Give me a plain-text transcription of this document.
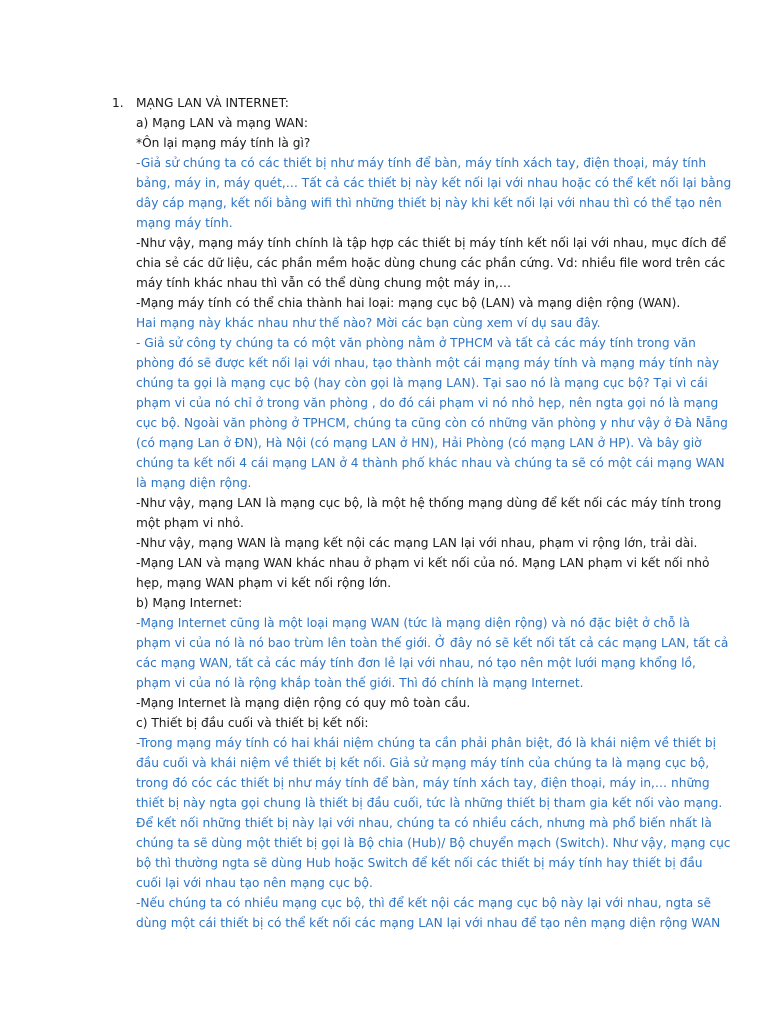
1. MẠNG LAN VÀ INTERNET:
a) Mạng LAN và mạng WAN:
*Ôn lại mạng máy tính là gì?
-Giả sử chúng ta có các thiết bị như máy tính để bàn, máy tính xách tay, điện thoại, máy tính
bảng, máy in, máy quét,… Tất cả các thiết bị này kết nối lại với nhau hoặc có thể kết nối lại bằng
dây cáp mạng, kết nối bằng wifi thì những thiết bị này khi kết nối lại với nhau thì có thể tạo nên
mạng máy tính.
-Như vậy, mạng máy tính chính là tập hợp các thiết bị máy tính kết nối lại với nhau, mục đích để
chia sẻ các dữ liệu, các phần mềm hoặc dùng chung các phần cứng. Vd: nhiều file word trên các
máy tính khác nhau thì vẫn có thể dùng chung một máy in,…
-Mạng máy tính có thể chia thành hai loại: mạng cục bộ (LAN) và mạng diện rộng (WAN).
Hai mạng này khác nhau như thế nào? Mời các bạn cùng xem ví dụ sau đây.
- Giả sử công ty chúng ta có một văn phòng nằm ở TPHCM và tất cả các máy tính trong văn
phòng đó sẽ được kết nối lại với nhau, tạo thành một cái mạng máy tính và mạng máy tính này
chúng ta gọi là mạng cục bộ (hay còn gọi là mạng LAN). Tại sao nó là mạng cục bộ? Tại vì cái
phạm vi của nó chỉ ở trong văn phòng , do đó cái phạm vi nó nhỏ hẹp, nên ngta gọi nó là mạng
cục bộ. Ngoài văn phòng ở TPHCM, chúng ta cũng còn có những văn phòng y như vậy ở Đà Nẵng
(có mạng Lan ở ĐN), Hà Nội (có mạng LAN ở HN), Hải Phòng (có mạng LAN ở HP). Và bây giờ
chúng ta kết nối 4 cái mạng LAN ở 4 thành phố khác nhau và chúng ta sẽ có một cái mạng WAN
là mạng diện rộng.
-Như vậy, mạng LAN là mạng cục bộ, là một hệ thống mạng dùng để kết nối các máy tính trong
một phạm vi nhỏ.
-Như vậy, mạng WAN là mạng kết nội các mạng LAN lại với nhau, phạm vi rộng lớn, trải dài.
-Mạng LAN và mạng WAN khác nhau ở phạm vi kết nối của nó. Mạng LAN phạm vi kết nối nhỏ
hẹp, mạng WAN phạm vi kết nối rộng lớn.
b) Mạng Internet:
-Mạng Internet cũng là một loại mạng WAN (tức là mạng diện rộng) và nó đặc biệt ở chỗ là
phạm vi của nó là nó bao trùm lên toàn thế giới. Ở đây nó sẽ kết nối tất cả các mạng LAN, tất cả
các mạng WAN, tất cả các máy tính đơn lẻ lại với nhau, nó tạo nên một lưới mạng khổng lồ,
phạm vi của nó là rộng khắp toàn thế giới. Thì đó chính là mạng Internet.
-Mạng Internet là mạng diện rộng có quy mô toàn cầu.
c) Thiết bị đầu cuối và thiết bị kết nối:
-Trong mạng máy tính có hai khái niệm chúng ta cần phải phân biệt, đó là khái niệm về thiết bị
đầu cuối và khái niệm về thiết bị kết nối. Giả sử mạng máy tính của chúng ta là mạng cục bộ,
trong đó cóc các thiết bị như máy tính để bàn, máy tính xách tay, điện thoại, máy in,… những
thiết bị này ngta gọi chung là thiết bị đầu cuối, tức là những thiết bị tham gia kết nối vào mạng.
Để kết nối những thiết bị này lại với nhau, chúng ta có nhiều cách, nhưng mà phổ biến nhất là
chúng ta sẽ dùng một thiết bị gọi là Bộ chia (Hub)/ Bộ chuyển mạch (Switch). Như vậy, mạng cục
bộ thì thường ngta sẽ dùng Hub hoặc Switch để kết nối các thiết bị máy tính hay thiết bị đầu
cuối lại với nhau tạo nên mạng cục bộ.
-Nếu chúng ta có nhiều mạng cục bộ, thì để kết nội các mạng cục bộ này lại với nhau, ngta sẽ
dùng một cái thiết bị có thể kết nối các mạng LAN lại với nhau để tạo nên mạng diện rộng WAN
